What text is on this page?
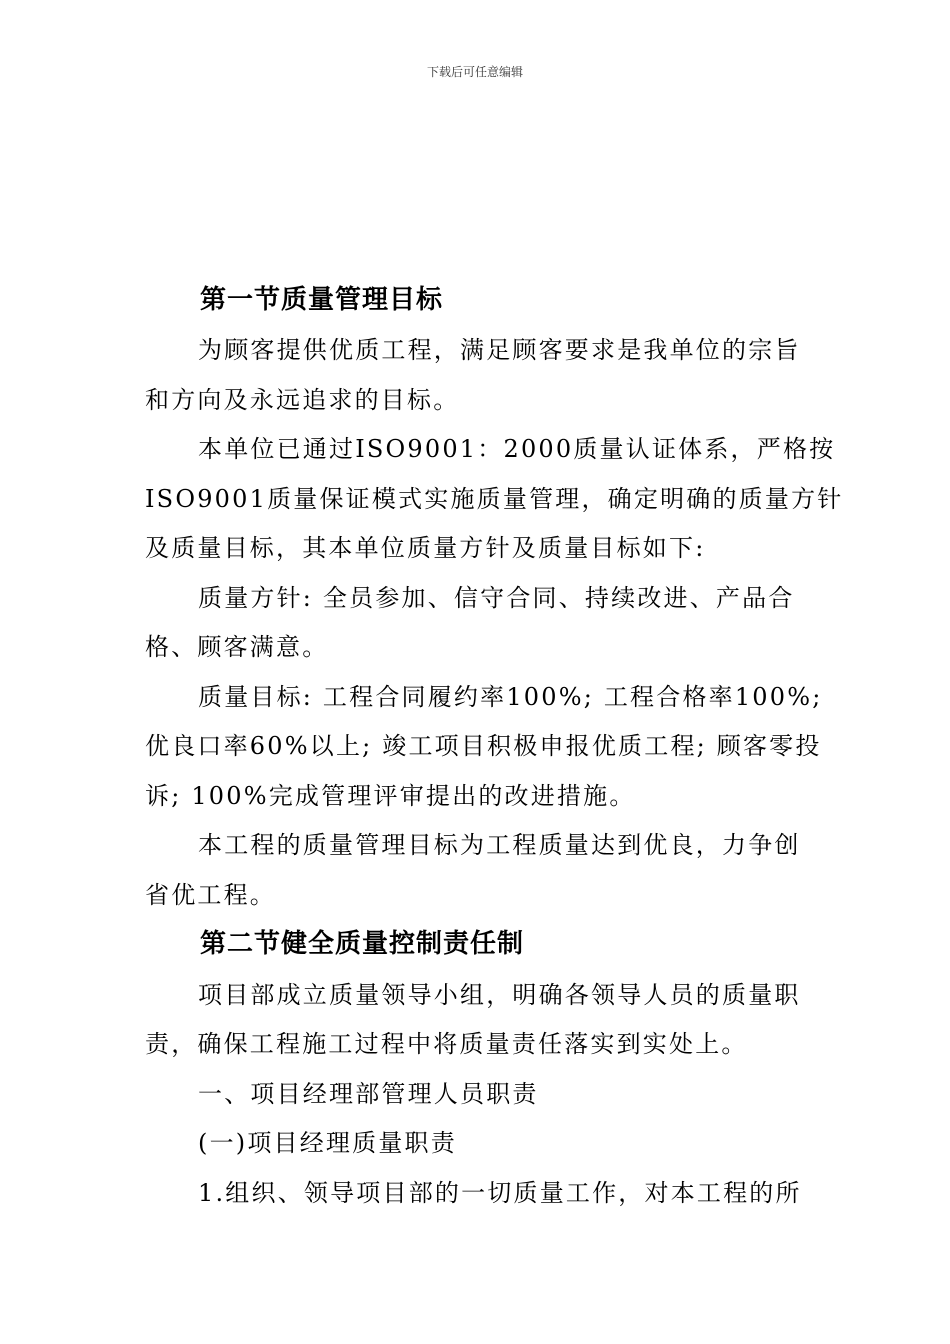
下载后可任意编辑
第一节质量管理目标
为顾客提供优质工程，满足顾客要求是我单位的宗旨
和方向及永远追求的目标。
本单位已通过ISO9001：2000质量认证体系，严格按
ISO9001质量保证模式实施质量管理，确定明确的质量方针
及质量目标，其本单位质量方针及质量目标如下:
质量方针: 全员参加、信守合同、持续改进、产品合
格、顾客满意。
质量目标: 工程合同履约率100%; 工程合格率100%;
优良口率60%以上; 竣工项目积极申报优质工程; 顾客零投
诉; 100%完成管理评审提出的改进措施。
本工程的质量管理目标为工程质量达到优良，力争创
省优工程。
第二节健全质量控制责任制
项目部成立质量领导小组，明确各领导人员的质量职
责，确保工程施工过程中将质量责任落实到实处上。
一、项目经理部管理人员职责
(一)项目经理质量职责
1.组织、领导项目部的一切质量工作，对本工程的所
